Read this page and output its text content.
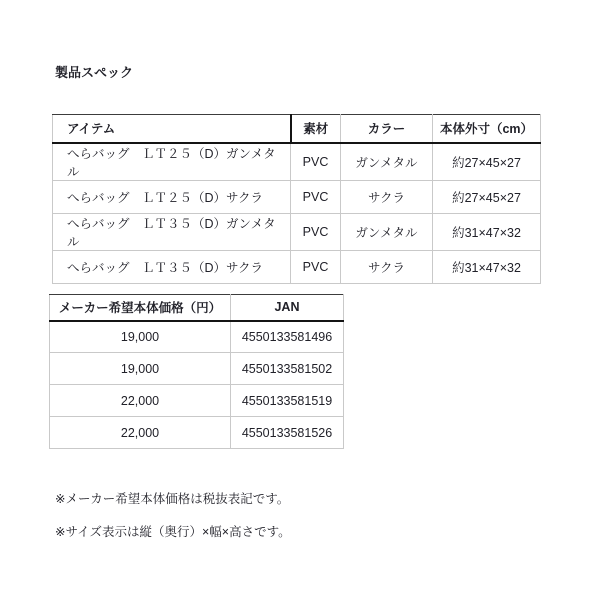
製品スペック
アイテム	素材	カラー	本体外寸（cm）
へらバッグ　ＬＴ２５（D）ガンメタル	PVC	ガンメタル	約27×45×27
へらバッグ　ＬＴ２５（D）サクラ	PVC	サクラ	約27×45×27
へらバッグ　ＬＴ３５（D）ガンメタル	PVC	ガンメタル	約31×47×32
へらバッグ　ＬＴ３５（D）サクラ	PVC	サクラ	約31×47×32
メーカー希望本体価格（円）	JAN
19,000	4550133581496
19,000	4550133581502
22,000	4550133581519
22,000	4550133581526

※メーカー希望本体価格は税抜表記です。

※サイズ表示は縦（奥行）×幅×高さです。
